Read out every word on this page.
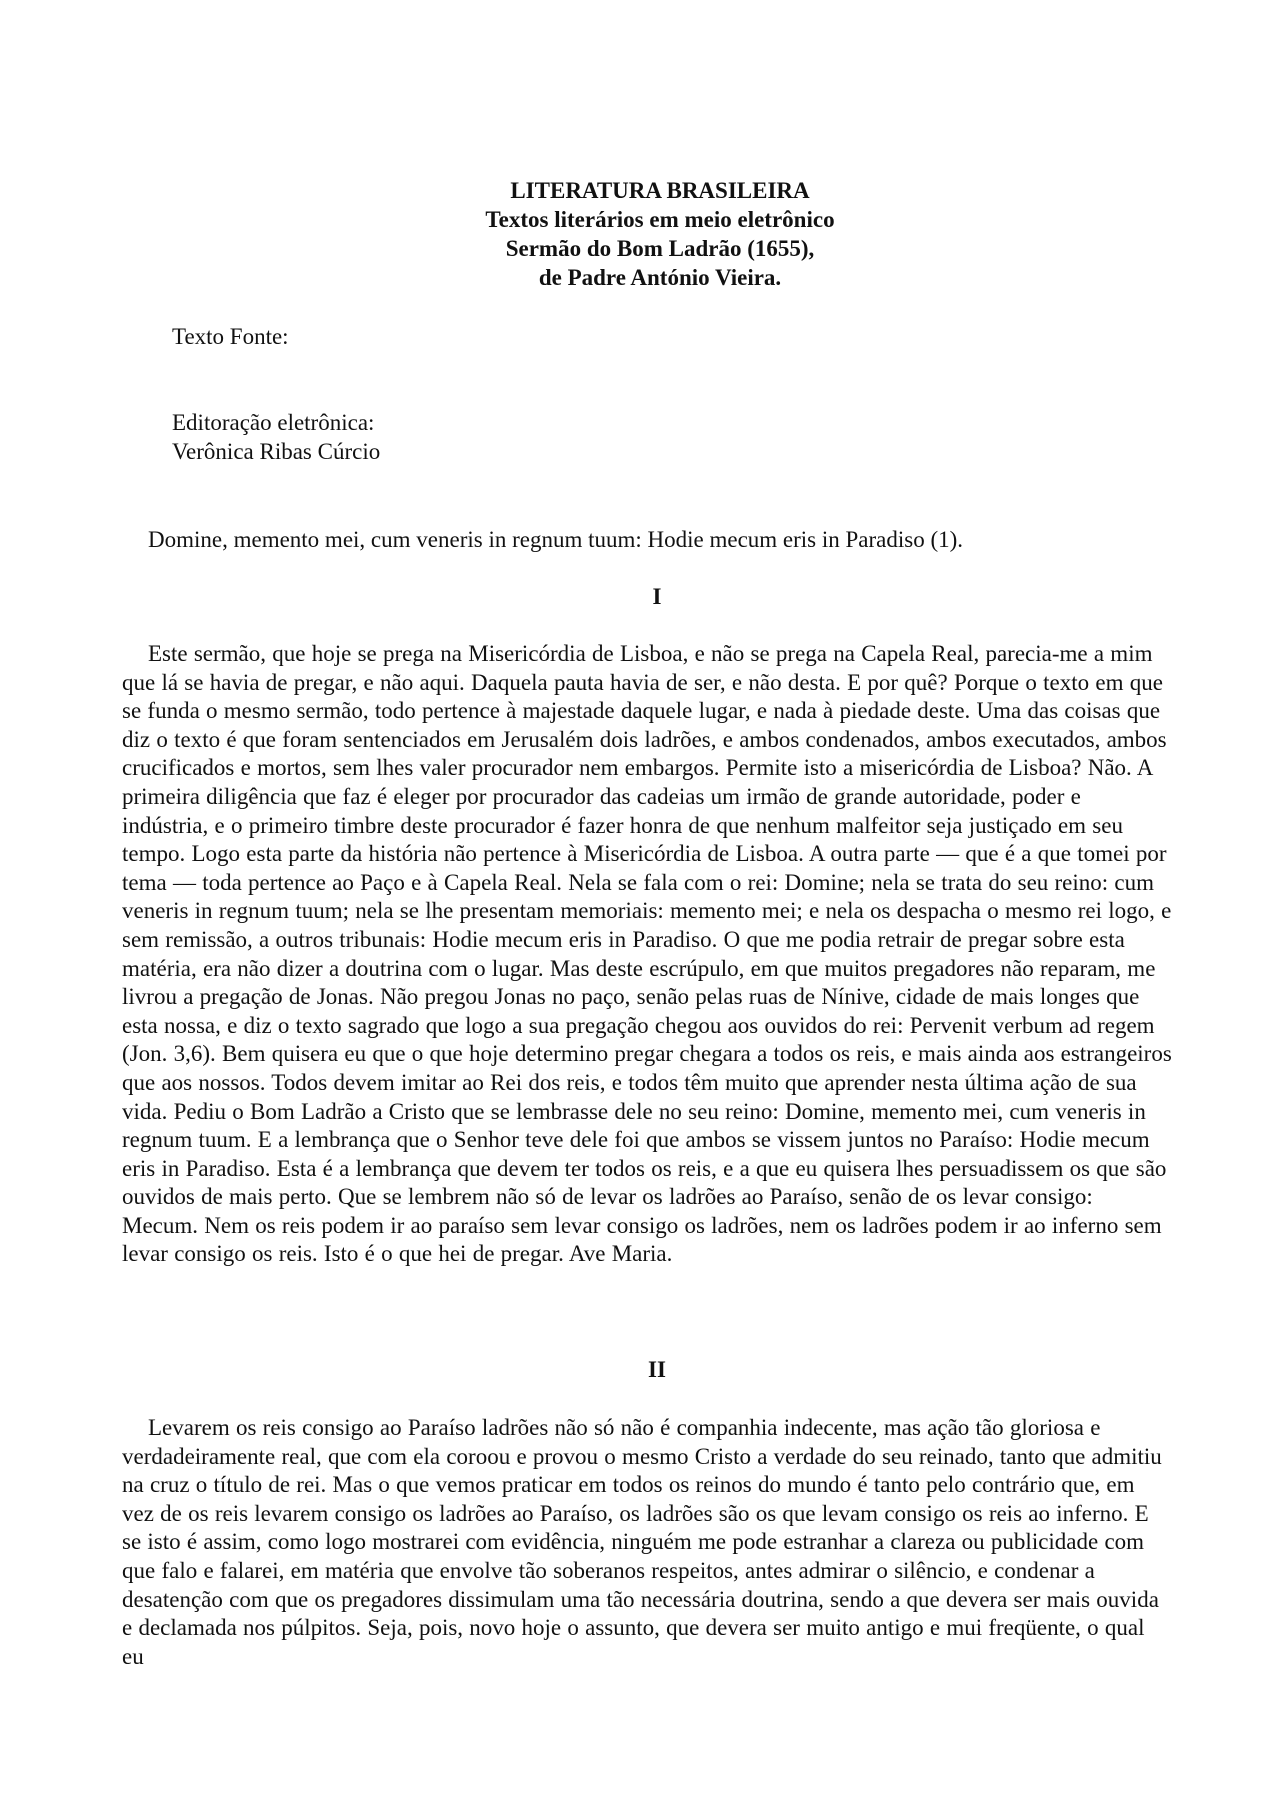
LITERATURA BRASILEIRA
Textos literários em meio eletrônico
Sermão do Bom Ladrão (1655),
de Padre António Vieira.
Texto Fonte:
Editoração eletrônica:
Verônica Ribas Cúrcio
Domine, memento mei, cum veneris in regnum tuum: Hodie mecum eris in Paradiso (1).
I

Este sermão, que hoje se prega na Misericórdia de Lisboa, e não se prega na Capela Real, parecia-me a mim que lá se havia de pregar, e não aqui. Daquela pauta havia de ser, e não desta. E por quê? Porque o texto em que se funda o mesmo sermão, todo pertence à majestade daquele lugar, e nada à piedade deste. Uma das coisas que diz o texto é que foram sentenciados em Jerusalém dois ladrões, e ambos condenados, ambos executados, ambos crucificados e mortos, sem lhes valer procurador nem embargos. Permite isto a misericórdia de Lisboa? Não. A primeira diligência que faz é eleger por procurador das cadeias um irmão de grande autoridade, poder e indústria, e o primeiro timbre deste procurador é fazer honra de que nenhum malfeitor seja justiçado em seu tempo. Logo esta parte da história não pertence à Misericórdia de Lisboa. A outra parte — que é a que tomei por tema — toda pertence ao Paço e à Capela Real. Nela se fala com o rei: Domine; nela se trata do seu reino: cum veneris in regnum tuum; nela se lhe presentam memoriais: memento mei; e nela os despacha o mesmo rei logo, e sem remissão, a outros tribunais: Hodie mecum eris in Paradiso. O que me podia retrair de pregar sobre esta matéria, era não dizer a doutrina com o lugar. Mas deste escrúpulo, em que muitos pregadores não reparam, me livrou a pregação de Jonas. Não pregou Jonas no paço, senão pelas ruas de Nínive, cidade de mais longes que esta nossa, e diz o texto sagrado que logo a sua pregação chegou aos ouvidos do rei: Pervenit verbum ad regem (Jon. 3,6). Bem quisera eu que o que hoje determino pregar chegara a todos os reis, e mais ainda aos estrangeiros que aos nossos. Todos devem imitar ao Rei dos reis, e todos têm muito que aprender nesta última ação de sua vida. Pediu o Bom Ladrão a Cristo que se lembrasse dele no seu reino: Domine, memento mei, cum veneris in regnum tuum. E a lembrança que o Senhor teve dele foi que ambos se vissem juntos no Paraíso: Hodie mecum eris in Paradiso. Esta é a lembrança que devem ter todos os reis, e a que eu quisera lhes persuadissem os que são ouvidos de mais perto. Que se lembrem não só de levar os ladrões ao Paraíso, senão de os levar consigo: Mecum. Nem os reis podem ir ao paraíso sem levar consigo os ladrões, nem os ladrões podem ir ao inferno sem levar consigo os reis. Isto é o que hei de pregar. Ave Maria.

II

Levarem os reis consigo ao Paraíso ladrões não só não é companhia indecente, mas ação tão gloriosa e verdadeiramente real, que com ela coroou e provou o mesmo Cristo a verdade do seu reinado, tanto que admitiu na cruz o título de rei. Mas o que vemos praticar em todos os reinos do mundo é tanto pelo contrário que, em vez de os reis levarem consigo os ladrões ao Paraíso, os ladrões são os que levam consigo os reis ao inferno. E se isto é assim, como logo mostrarei com evidência, ninguém me pode estranhar a clareza ou publicidade com que falo e falarei, em matéria que envolve tão soberanos respeitos, antes admirar o silêncio, e condenar a desatenção com que os pregadores dissimulam uma tão necessária doutrina, sendo a que devera ser mais ouvida e declamada nos púlpitos. Seja, pois, novo hoje o assunto, que devera ser muito antigo e mui freqüente, o qual eu
